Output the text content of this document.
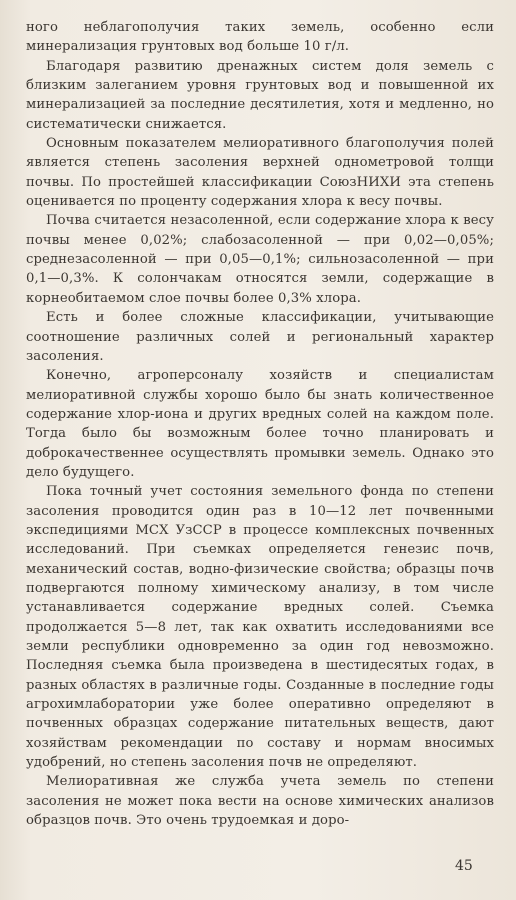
ного неблагополучия таких земель, особенно если минерализация грунтовых вод больше 10 г/л.

Благодаря развитию дренажных систем доля земель с близким залеганием уровня грунтовых вод и повышенной их минерализацией за последние десятилетия, хотя и медленно, но систематически снижается.

Основным показателем мелиоративного благополучия полей является степень засоления верхней однометровой толщи почвы. По простейшей классификации СоюзНИХИ эта степень оценивается по проценту содержания хлора к весу почвы.

Почва считается незасоленной, если содержание хлора к весу почвы менее 0,02%; слабозасоленной — при 0,02—0,05%; среднезасоленной — при 0,05—0,1%; сильнозасоленной — при 0,1—0,3%. К солончакам относятся земли, содержащие в корнеобитаемом слое почвы более 0,3% хлора.

Есть и более сложные классификации, учитывающие соотношение различных солей и региональный характер засоления.

Конечно, агроперсоналу хозяйств и специалистам мелиоративной службы хорошо было бы знать количественное содержание хлор-иона и других вредных солей на каждом поле. Тогда было бы возможным более точно планировать и доброкачественнее осуществлять промывки земель. Однако это дело будущего.

Пока точный учет состояния земельного фонда по степени засоления проводится один раз в 10—12 лет почвенными экспедициями МСХ УзССР в процессе комплексных почвенных исследований. При съемках определяется генезис почв, механический состав, водно-физические свойства; образцы почв подвергаются полному химическому анализу, в том числе устанавливается содержание вредных солей. Съемка продолжается 5—8 лет, так как охватить исследованиями все земли республики одновременно за один год невозможно. Последняя съемка была произведена в шестидесятых годах, в разных областях в различные годы. Созданные в последние годы агрохимлаборатории уже более оперативно определяют в почвенных образцах содержание питательных веществ, дают хозяйствам рекомендации по составу и нормам вносимых удобрений, но степень засоления почв не определяют.

Мелиоративная же служба учета земель по степени засоления не может пока вести на основе химических анализов образцов почв. Это очень трудоемкая и доро-

45
